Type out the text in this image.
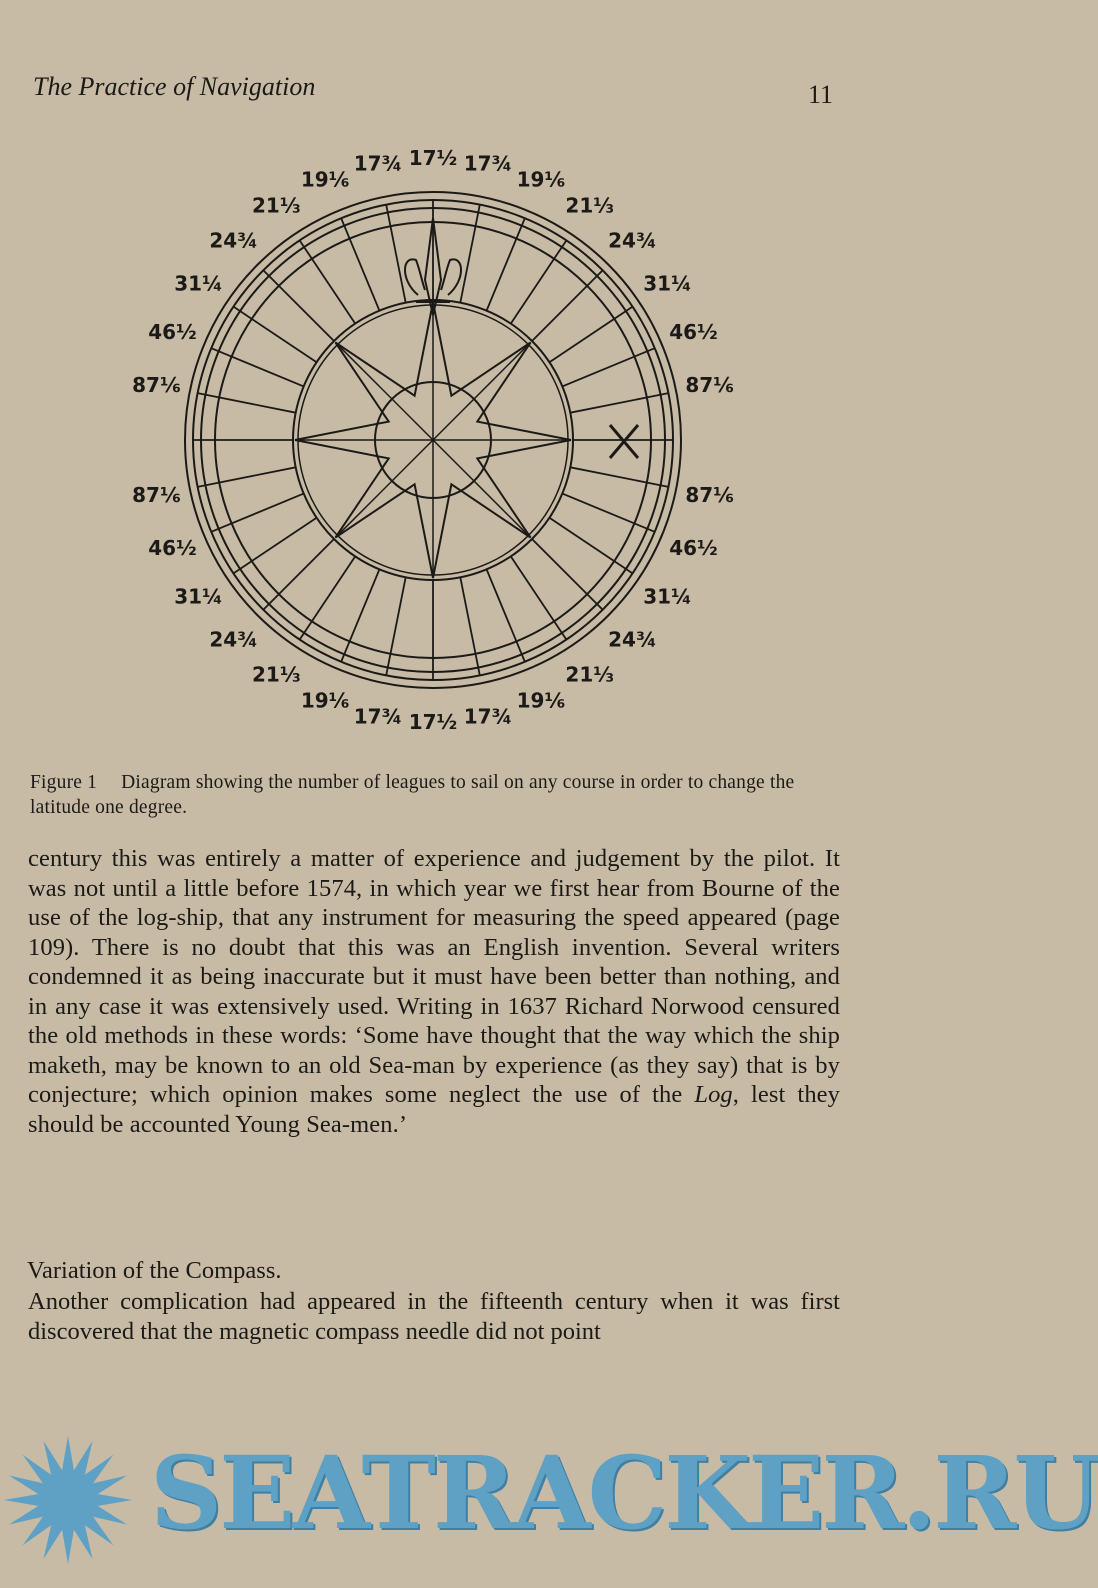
The Practice of Navigation	11
17½
17½
17¾
19⅙
21⅓
24¾
31¼
46½
87⅙
87⅙
46½
31¼
24¾
21⅓
19⅙
17¾
17¾
19⅙
21⅓
24¾
31¼
46½
87⅙
87⅙
46½
31¼
24¾
21⅓
19⅙
17¾
Figure 1 Diagram showing the number of leagues to sail on any course in order to change the latitude one degree.
century this was entirely a matter of experience and judgement by the pilot. It was not until a little before 1574, in which year we first hear from Bourne of the use of the log-ship, that any instrument for measuring the speed appeared (page 109). There is no doubt that this was an English invention. Several writers condemned it as being inaccurate but it must have been better than nothing, and in any case it was extensively used. Writing in 1637 Richard Norwood censured the old methods in these words: ‘Some have thought that the way which the ship maketh, may be known to an old Sea-man by experience (as they say) that is by conjecture; which opinion makes some neglect the use of the Log, lest they should be accounted Young Sea-men.’
Variation of the Compass.
Another complication had appeared in the fifteenth century when it was first discovered that the magnetic compass needle did not point
SEATRACKER.RU
